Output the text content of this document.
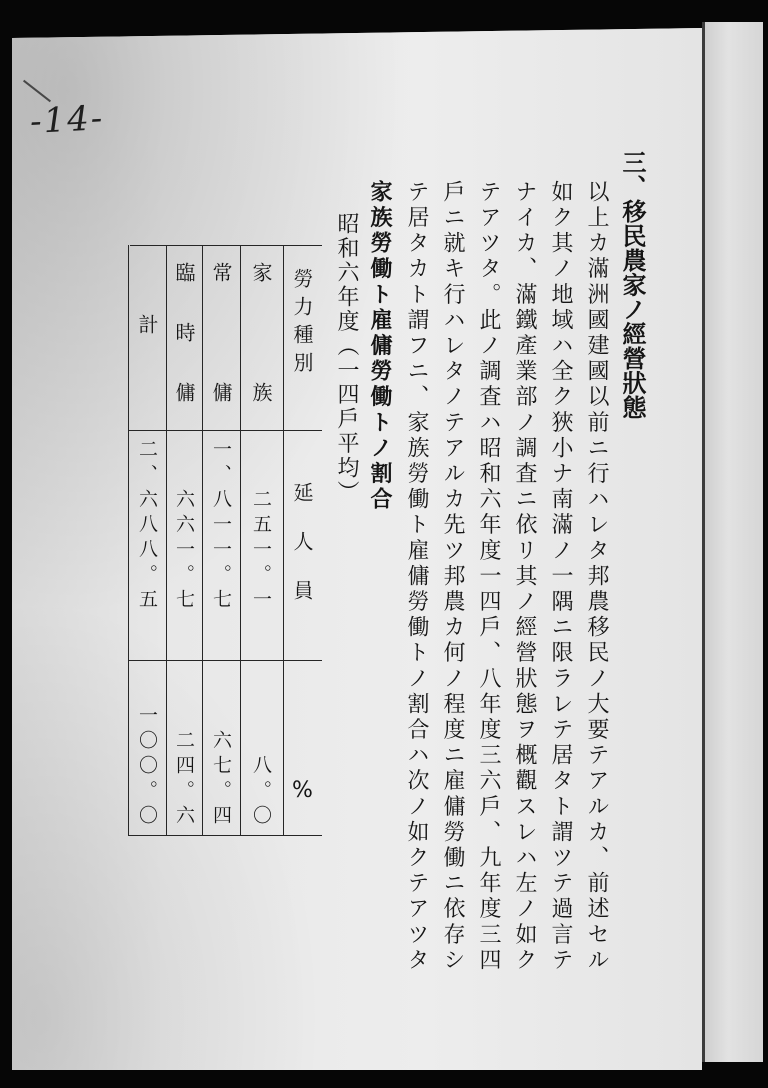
-14-
三、移民農家ノ經營狀態
以上カ滿洲國建國以前ニ行ハレタ邦農移民ノ大要テアルカ、前述セル
如ク其ノ地域ハ全ク狹小ナ南滿ノ一隅ニ限ラレテ居タト謂ツテ過言テ
ナイカ、滿鐵產業部ノ調査ニ依リ其ノ經營狀態ヲ概觀スレハ左ノ如ク
テアツタ。此ノ調査ハ昭和六年度一四戶、八年度三六戶、九年度三四
戶ニ就キ行ハレタノテアルカ先ツ邦農カ何ノ程度ニ雇傭勞働ニ依存シ
テ居タカト謂フニ、家族勞働ト雇傭勞働トノ割合ハ次ノ如クテアツタ
家族勞働ト雇傭勞働トノ割合
昭和六年度（一四戶平均）
勞力種別
延人員
%
家族
二五一。一
八。〇
常傭
一、八一一。七
六七。四
臨時傭
六六一。七
二四。六
計
二、六八八。五
一〇〇。〇
